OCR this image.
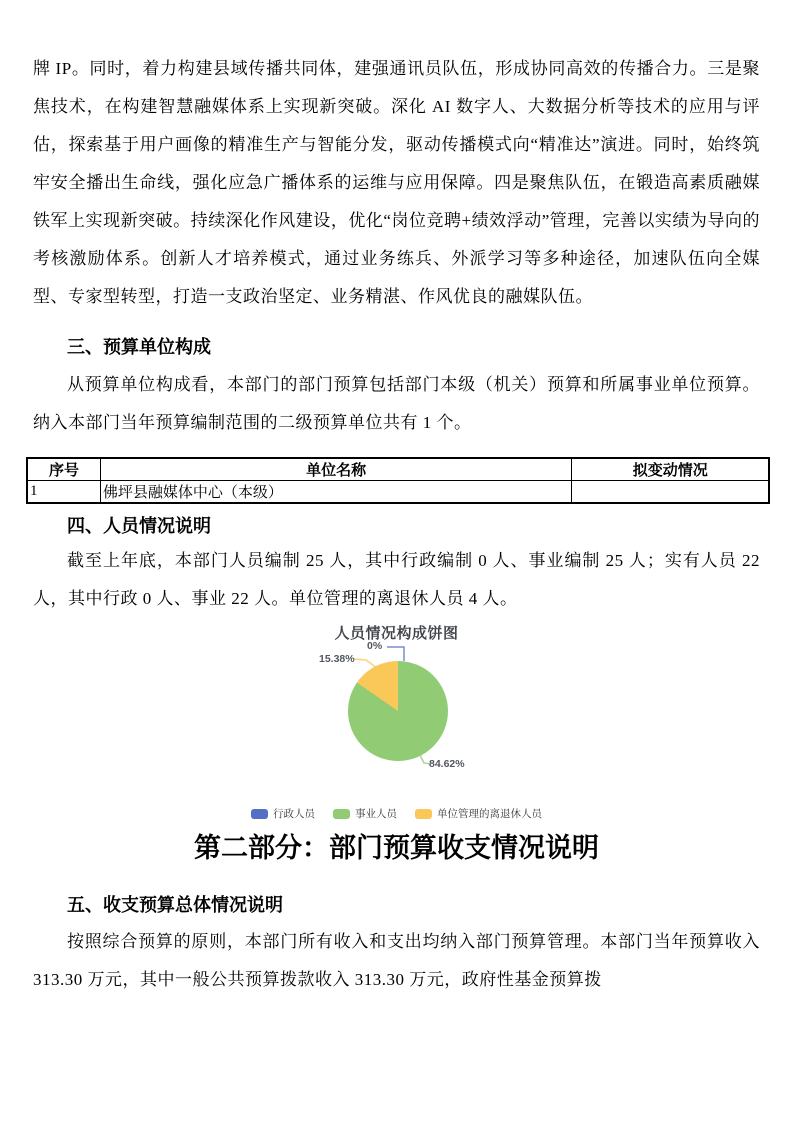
牌 IP。同时，着力构建县域传播共同体，建强通讯员队伍，形成协同高效的传播合力。三是聚焦技术，在构建智慧融媒体系上实现新突破。深化 AI 数字人、大数据分析等技术的应用与评估，探索基于用户画像的精准生产与智能分发，驱动传播模式向“精准达”演进。同时，始终筑牢安全播出生命线，强化应急广播体系的运维与应用保障。四是聚焦队伍，在锻造高素质融媒铁军上实现新突破。持续深化作风建设，优化“岗位竞聘+绩效浮动”管理，完善以实绩为导向的考核激励体系。创新人才培养模式，通过业务练兵、外派学习等多种途径，加速队伍向全媒型、专家型转型，打造一支政治坚定、业务精湛、作风优良的融媒队伍。

三、预算单位构成

从预算单位构成看，本部门的部门预算包括部门本级（机关）预算和所属事业单位预算。纳入本部门当年预算编制范围的二级预算单位共有 1 个。

序号	单位名称	拟变动情况
1	佛坪县融媒体中心（本级）	
四、人员情况说明

截至上年底，本部门人员编制 25 人，其中行政编制 0 人、事业编制 25 人；实有人员 22 人，其中行政 0 人、事业 22 人。单位管理的离退休人员 4 人。

人员情况构成饼图
0%
15.38%
84.62%
行政人员	事业人员	单位管理的离退休人员
第二部分：部门预算收支情况说明
五、收支预算总体情况说明

按照综合预算的原则，本部门所有收入和支出均纳入部门预算管理。本部门当年预算收入 313.30 万元，其中一般公共预算拨款收入 313.30 万元，政府性基金预算拨
